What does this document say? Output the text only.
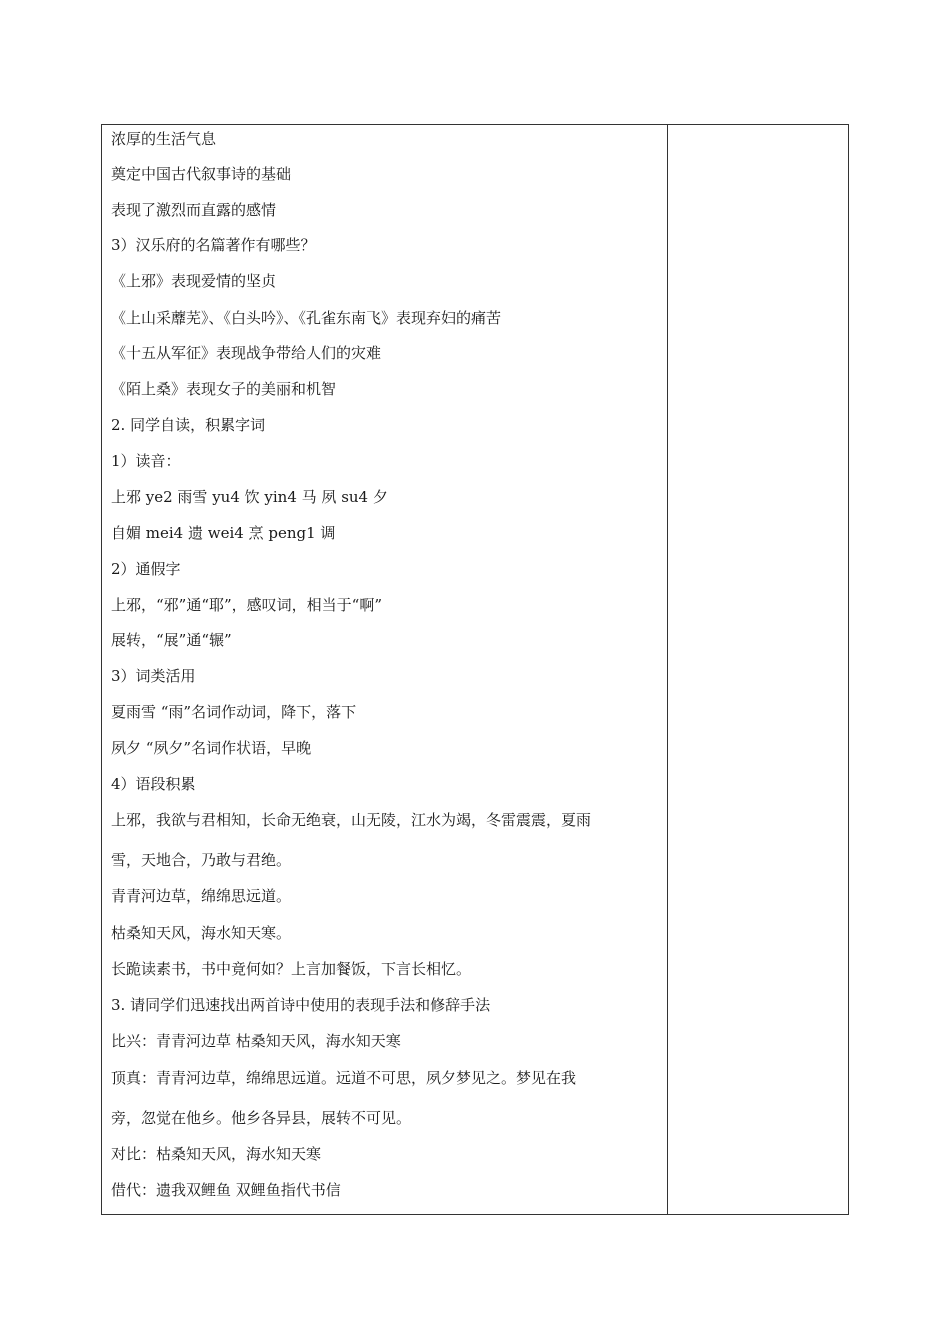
浓厚的生活气息
奠定中国古代叙事诗的基础
表现了激烈而直露的感情
3）汉乐府的名篇著作有哪些？
《上邪》表现爱情的坚贞
《上山采蘼芜》、《白头吟》、《孔雀东南飞》表现弃妇的痛苦
《十五从军征》表现战争带给人们的灾难
《陌上桑》表现女子的美丽和机智
2. 同学自读，积累字词
1）读音：
上邪 ye2 雨雪 yu4 饮 yin4 马 夙 su4 夕
自媚 mei4 遗 wei4 烹 peng1 调
2）通假字
上邪，“邪”通“耶”，感叹词，相当于“啊”
展转，“展”通“辗”
3）词类活用
夏雨雪 “雨”名词作动词，降下，落下
夙夕 “夙夕”名词作状语，早晚
4）语段积累
上邪，我欲与君相知，长命无绝衰，山无陵，江水为竭，冬雷震震，夏雨
雪，天地合，乃敢与君绝。
青青河边草，绵绵思远道。
枯桑知天风，海水知天寒。
长跪读素书，书中竟何如？上言加餐饭，下言长相忆。
3. 请同学们迅速找出两首诗中使用的表现手法和修辞手法
比兴：青青河边草 枯桑知天风，海水知天寒
顶真：青青河边草，绵绵思远道。远道不可思，夙夕梦见之。梦见在我
旁，忽觉在他乡。他乡各异县，展转不可见。
对比：枯桑知天风，海水知天寒
借代：遗我双鲤鱼 双鲤鱼指代书信
